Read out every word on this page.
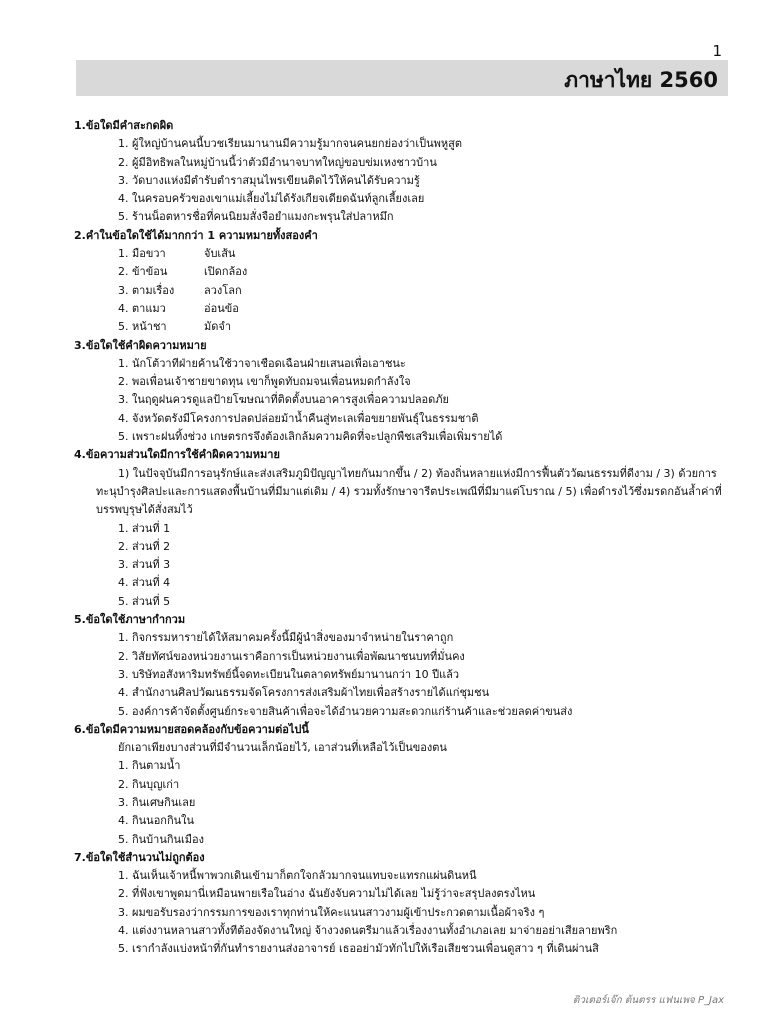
1
ภาษาไทย 2560
1.ข้อใดมีคำสะกดผิด
1. ผู้ใหญ่บ้านคนนี้บวชเรียนมานานมีความรู้มากจนคนยกย่องว่าเป็นพหูสูต
2. ผู้มีอิทธิพลในหมู่บ้านนี้ว่าตัวมีอำนาจบาทใหญ่ขอบข่มเหงชาวบ้าน
3. วัดบางแห่งมีตำรับตำราสมุนไพรเขียนติดไว้ให้คนได้รับความรู้
4. ในครอบครัวของเขาแม่เลี้ยงไม่ได้รังเกียจเดียดฉันท์ลูกเลี้ยงเลย
5. ร้านน็อตหารชื่อที่คนนิยมสั่งจือยำแมงกะพรุนใส่ปลาหมึก
2.คำในข้อใดใช้ได้มากกว่า 1 ความหมายทั้งสองคำ
1. มือขวา	จับเส้น
2. ข้าข้อน	เปิดกล้อง
3. ตามเรื่อง	ลวงโลก
4. ตาแมว	อ่อนข้อ
5. หน้าชา	มัดจำ
3.ข้อใดใช้คำผิดความหมาย
1. นักโต้วาทีฝ่ายค้านใช้วาจาเชือดเฉือนฝ่ายเสนอเพื่อเอาชนะ
2. พอเพื่อนเจ้าชายขาดทุน เขาก็พูดทับถมจนเพื่อนหมดกำลังใจ
3. ในฤดูฝนควรดูแลป้ายโฆษณาที่ติดตั้งบนอาคารสูงเพื่อความปลอดภัย
4. จังหวัดตรังมีโครงการปลดปล่อยม้าน้ำคืนสู่ทะเลเพื่อขยายพันธุ์ในธรรมชาติ
5. เพราะฝนทิ้งช่วง เกษตรกรจึงต้องเลิกล้มความคิดที่จะปลูกพืชเสริมเพื่อเพิ่มรายได้
4.ข้อความส่วนใดมีการใช้คำผิดความหมาย
1) ในปัจจุบันมีการอนุรักษ์และส่งเสริมภูมิปัญญาไทยกันมากขึ้น / 2) ท้องถิ่นหลายแห่งมีการฟื้นตัววัฒนธรรมที่ดีงาม / 3) ด้วยการ ทะนุบำรุงศิลปะและการแสดงพื้นบ้านที่มีมาแต่เดิม / 4) รวมทั้งรักษาจารีตประเพณีที่มีมาแต่โบราณ / 5) เพื่อดำรงไว้ซึ่งมรดกอันล้ำค่าที่ บรรพบุรุษได้สั่งสมไว้
1. ส่วนที่ 1
2. ส่วนที่ 2
3. ส่วนที่ 3
4. ส่วนที่ 4
5. ส่วนที่ 5
5.ข้อใดใช้ภาษากำกวม
1. กิจกรรมหารายได้ให้สมาคมครั้งนี้มีผู้นำสิ่งของมาจำหน่ายในราคาถูก
2. วิสัยทัศน์ของหน่วยงานเราคือการเป็นหน่วยงานเพื่อพัฒนาชนบทที่มั่นคง
3. บริษัทอสังหาริมทรัพย์นี้จดทะเบียนในตลาดทรัพย์มานานกว่า 10 ปีแล้ว
4. สำนักงานศิลปวัฒนธรรมจัดโครงการส่งเสริมผ้าไทยเพื่อสร้างรายได้แก่ชุมชน
5. องค์การค้าจัดตั้งศูนย์กระจายสินค้าเพื่อจะได้อำนวยความสะดวกแก่ร้านค้าและช่วยลดค่าขนส่ง
6.ข้อใดมีความหมายสอดคล้องกับข้อความต่อไปนี้
ยักเอาเพียงบางส่วนที่มีจำนวนเล็กน้อยไว้, เอาส่วนที่เหลือไว้เป็นของตน
1. กินตามน้ำ
2. กินบุญเก่า
3. กินเศษกินเลย
4. กินนอกกินใน
5. กินบ้านกินเมือง
7.ข้อใดใช้สำนวนไม่ถูกต้อง
1. ฉันเห็นเจ้าหนี้พาพวกเดินเข้ามาก็ตกใจกลัวมากจนแทบจะแทรกแผ่นดินหนี
2. ที่ฟังเขาพูดมานี่เหมือนพายเรือในอ่าง ฉันยังจับความไม่ได้เลย ไม่รู้ว่าจะสรุปลงตรงไหน
3. ผมขอรับรองว่ากรรมการของเราทุกท่านให้คะแนนสาวงามผู้เข้าประกวดตามเนื้อผ้าจริง ๆ
4. แต่งงานหลานสาวทั้งทีต้องจัดงานใหญ่ จ้างวงดนตรีมาแล้วเรื่องงานทั้งอำเภอเลย มาจ่ายอย่าเสียลายพริก
5. เรากำลังแบ่งหน้าที่กันทำรายงานส่งอาจารย์ เธออย่ามัวทักไปให้เรือเสียชวนเพื่อนดูสาว ๆ ที่เดินผ่านสิ
ติวเตอร์เจ๊ก ต้นตรร แฟนเพจ P_Jax
